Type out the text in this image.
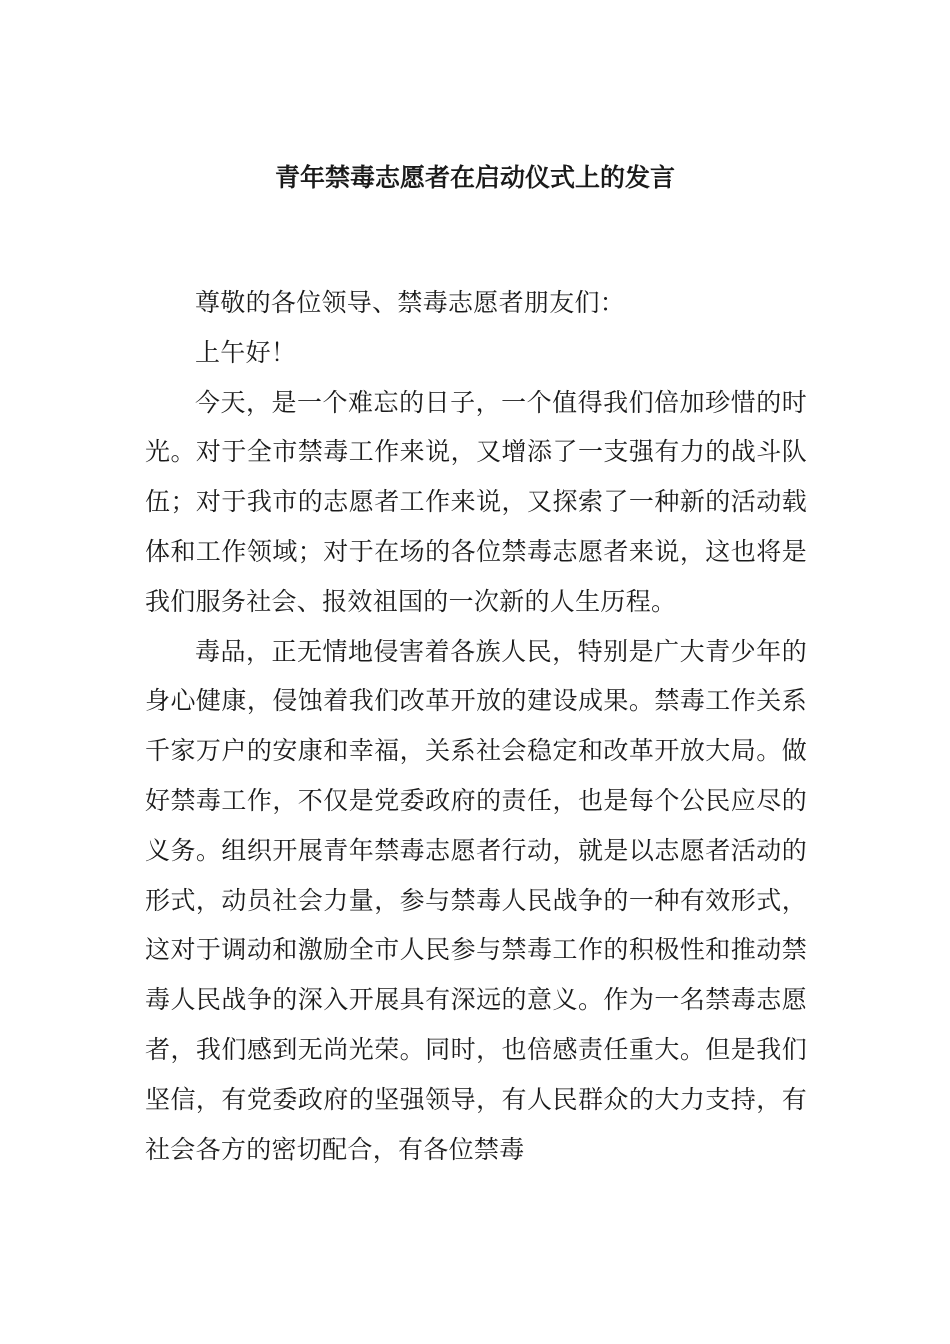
青年禁毒志愿者在启动仪式上的发言

尊敬的各位领导、禁毒志愿者朋友们：

上午好！

今天，是一个难忘的日子，一个值得我们倍加珍惜的时光。对于全市禁毒工作来说，又增添了一支强有力的战斗队伍；对于我市的志愿者工作来说，又探索了一种新的活动载体和工作领域；对于在场的各位禁毒志愿者来说，这也将是我们服务社会、报效祖国的一次新的人生历程。

毒品，正无情地侵害着各族人民，特别是广大青少年的身心健康，侵蚀着我们改革开放的建设成果。禁毒工作关系千家万户的安康和幸福，关系社会稳定和改革开放大局。做好禁毒工作，不仅是党委政府的责任，也是每个公民应尽的义务。组织开展青年禁毒志愿者行动，就是以志愿者活动的形式，动员社会力量，参与禁毒人民战争的一种有效形式，这对于调动和激励全市人民参与禁毒工作的积极性和推动禁毒人民战争的深入开展具有深远的意义。作为一名禁毒志愿者，我们感到无尚光荣。同时，也倍感责任重大。但是我们坚信，有党委政府的坚强领导，有人民群众的大力支持，有社会各方的密切配合，有各位禁毒
